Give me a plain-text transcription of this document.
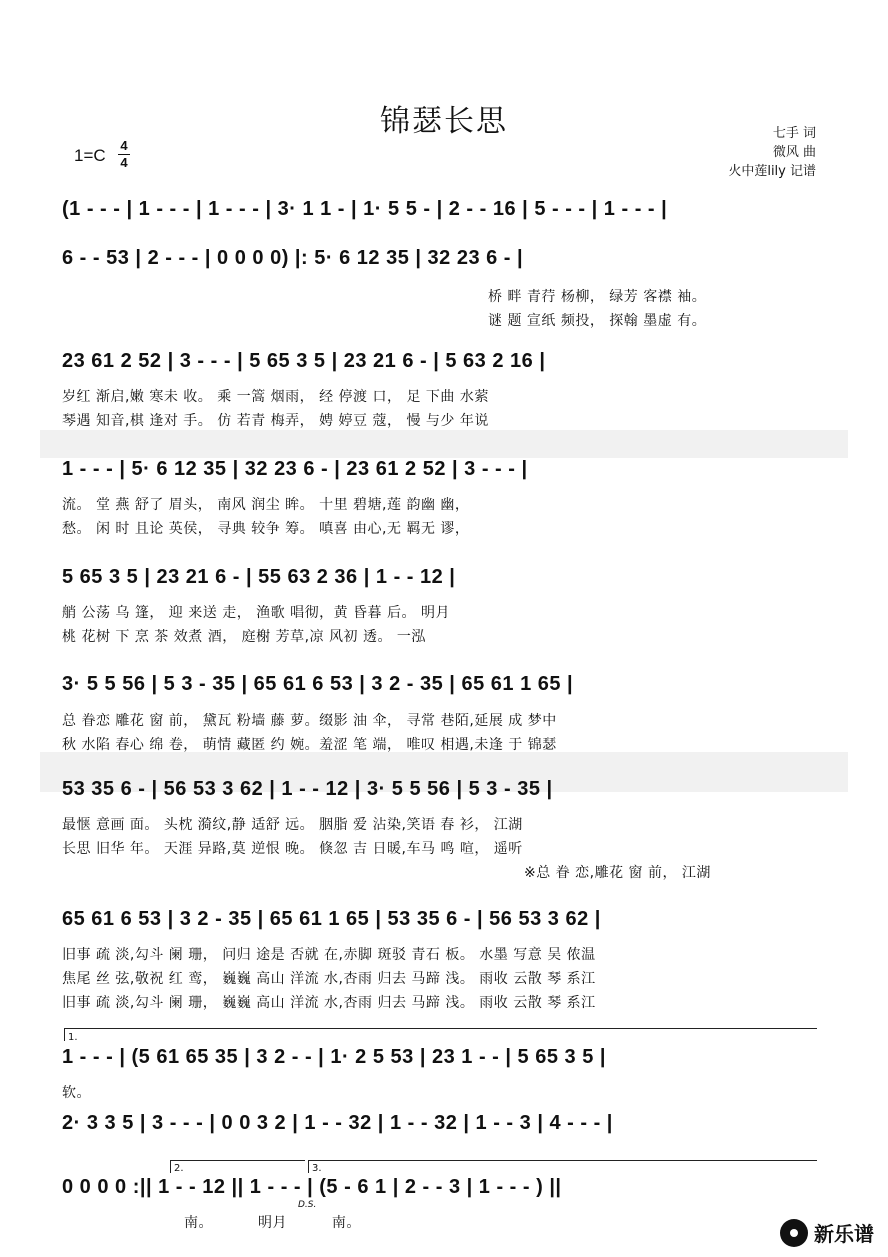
锦瑟长思	七手 词
微风 曲
火中莲lily 记谱
1=C
4
4
(1 - - - | 1 - - - | 1 - - - | 3· 1 1 - | 1· 5 5 - | 2 - - 16 | 5 - - - | 1 - - - |
6 - - 53 | 2 - - - | 0 0 0 0) |: 5· 6 12 35 | 32 23 6 - |
桥 畔 青荇 杨柳， 绿芳 客襟 袖。
谜 题 宣纸 频投， 探翰 墨虚 有。
23 61 2 52 | 3 - - - | 5 65 3 5 | 23 21 6 - | 5 63 2 16 |
岁红 渐启,嫩 寒未 收。 乘 一篙 烟雨， 经 停渡 口， 足 下曲 水萦
琴遇 知音,棋 逢对 手。 仿 若青 梅弄， 娉 婷豆 蔻， 慢 与少 年说
1 - - - | 5· 6 12 35 | 32 23 6 - | 23 61 2 52 | 3 - - - |
流。 堂 燕 舒了 眉头， 南风 润尘 眸。 十里 碧塘,莲 韵幽 幽，
愁。 闲 时 且论 英侯， 寻典 较争 筹。 嗔喜 由心,无 羁无 谬，
5 65 3 5 | 23 21 6 - | 55 63 2 36 | 1 - - 12 |
艄 公荡 乌 篷， 迎 来送 走， 渔歌 唱彻，黄 昏暮 后。 明月
桃 花树 下 烹 茶 效煮 酒， 庭榭 芳草,凉 风初 透。 一泓
3· 5 5 56 | 5 3 - 35 | 65 61 6 53 | 3 2 - 35 | 65 61 1 65 |
总 眷恋 雕花 窗 前， 黛瓦 粉墙 藤 萝。缀影 油 伞， 寻常 巷陌,延展 成 梦中
秋 水陷 春心 绵 卷， 萌情 藏匿 约 婉。羞涩 笔 端， 唯叹 相遇,未逢 于 锦瑟
53 35 6 - | 56 53 3 62 | 1 - - 12 | 3· 5 5 56 | 5 3 - 35 |
最惬 意画 面。 头枕 漪纹,静 适舒 远。 胭脂 爱 沾染,笑语 春 衫， 江湖
长思 旧华 年。 天涯 异路,莫 逆恨 晚。 倏忽 吉 日暖,车马 鸣 喧， 遥听
※总 眷 恋,雕花 窗 前， 江湖
65 61 6 53 | 3 2 - 35 | 65 61 1 65 | 53 35 6 - | 56 53 3 62 |
旧事 疏 淡,勾斗 阑 珊， 问归 途是 否就 在,赤脚 斑驳 青石 板。 水墨 写意 吴 侬温
焦尾 丝 弦,敬祝 红 鸾， 巍巍 高山 洋流 水,杏雨 归去 马蹄 浅。 雨收 云散 琴 系江
旧事 疏 淡,勾斗 阑 珊， 巍巍 高山 洋流 水,杏雨 归去 马蹄 浅。 雨收 云散 琴 系江
1.
1 - - - | (5 61 65 35 | 3 2 - - | 1· 2 5 53 | 23 1 - - | 5 65 3 5 |
软。
2· 3 3 5 | 3 - - - | 0 0 3 2 | 1 - - 32 | 1 - - 32 | 1 - - 3 | 4 - - - |
2.	3.
0 0 0 0 :|| 1 - - 12 || 1 - - - | (5 - 6 1 | 2 - - 3 | 1 - - - ) ||
南。 明月 南。
D.S.
新乐谱
